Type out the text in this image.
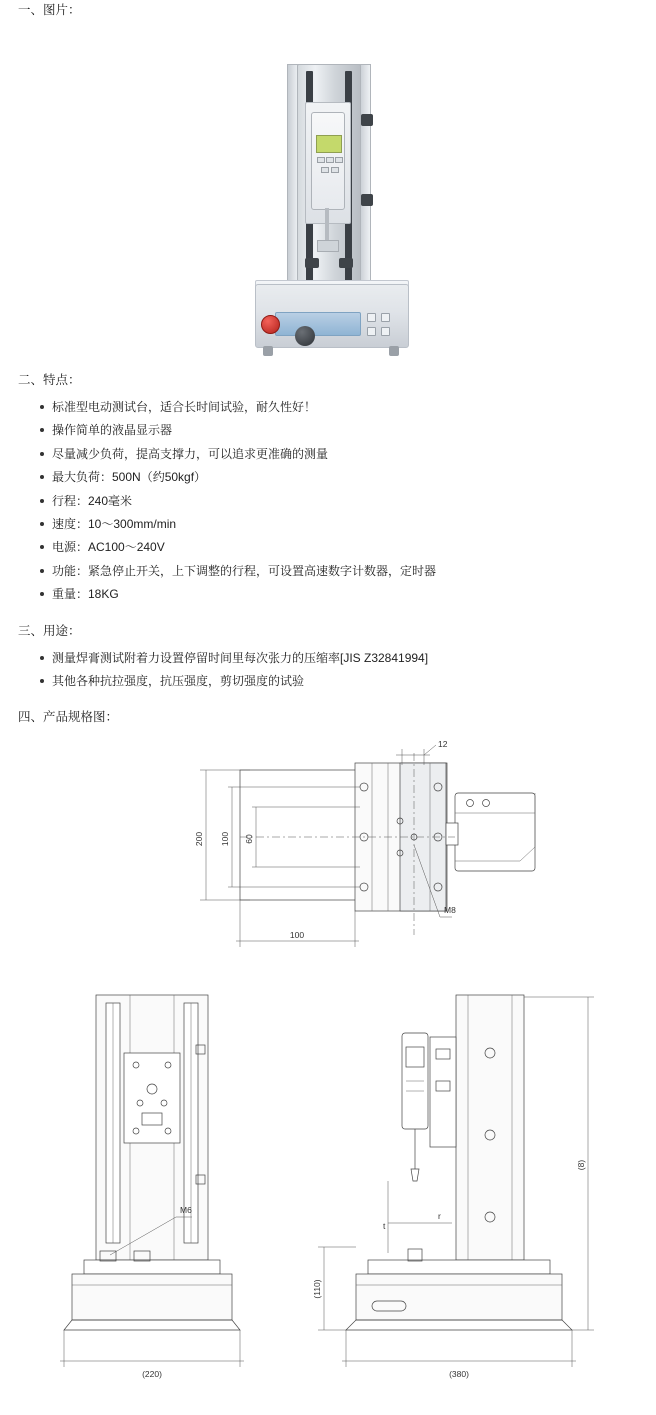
一、图片：
二、特点：
标准型电动测试台，适合长时间试验，耐久性好！
操作简单的液晶显示器
尽量减少负荷，提高支撑力，可以追求更准确的测量
最大负荷：500N（约50kgf）
行程：240毫米
速度：10～300mm/min
电源：AC100～240V
功能：紧急停止开关，上下调整的行程，可设置高速数字计数器，定时器
重量：18KG
三、用途：
测量焊膏测试附着力设置停留时间里每次张力的压缩率[JIS Z32841994]
其他各种抗拉强度，抗压强度，剪切强度的试验
四、产品规格图：
12
200 100 60
100
M8
M6
(220)
t
r
(8)
(110)
(380)
